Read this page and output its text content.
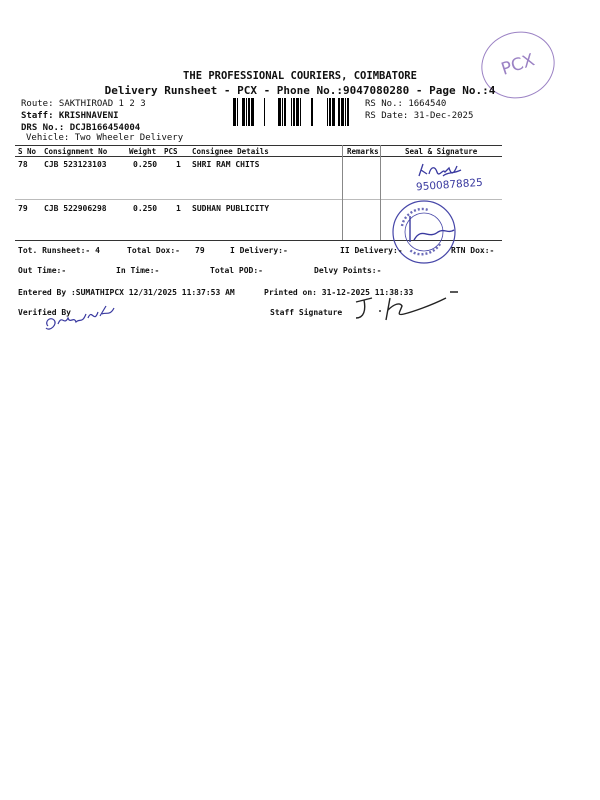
PCX
THE PROFESSIONAL COURIERS, COIMBATORE
Delivery Runsheet - PCX - Phone No.:9047080280 - Page No.:4
Route: SAKTHIROAD 1 2 3
Staff: KRISHNAVENI
DRS No.: DCJB166454004
Vehicle: Two Wheeler Delivery
RS No.: 1664540
RS Date: 31-Dec-2025
S No Consignment No	Weight PCS Consignee Details	Remarks	Seal & Signature
78 CJB 523123103	0.250 1 SHRI RAM CHITS
79 CJB 522906298	0.250 1 SUDHAN PUBLICITY
9500878825
Tot. Runsheet:- 4	Total Dox:- 79	I Delivery:-	II Delivery:-	RTN Dox:-
Out Time:-	In Time:-	Total POD:-	Delvy Points:-
Entered By :SUMATHIPCX 12/31/2025 11:37:53 AM	Printed on: 31-12-2025 11:38:33
Verified By	Staff Signature
